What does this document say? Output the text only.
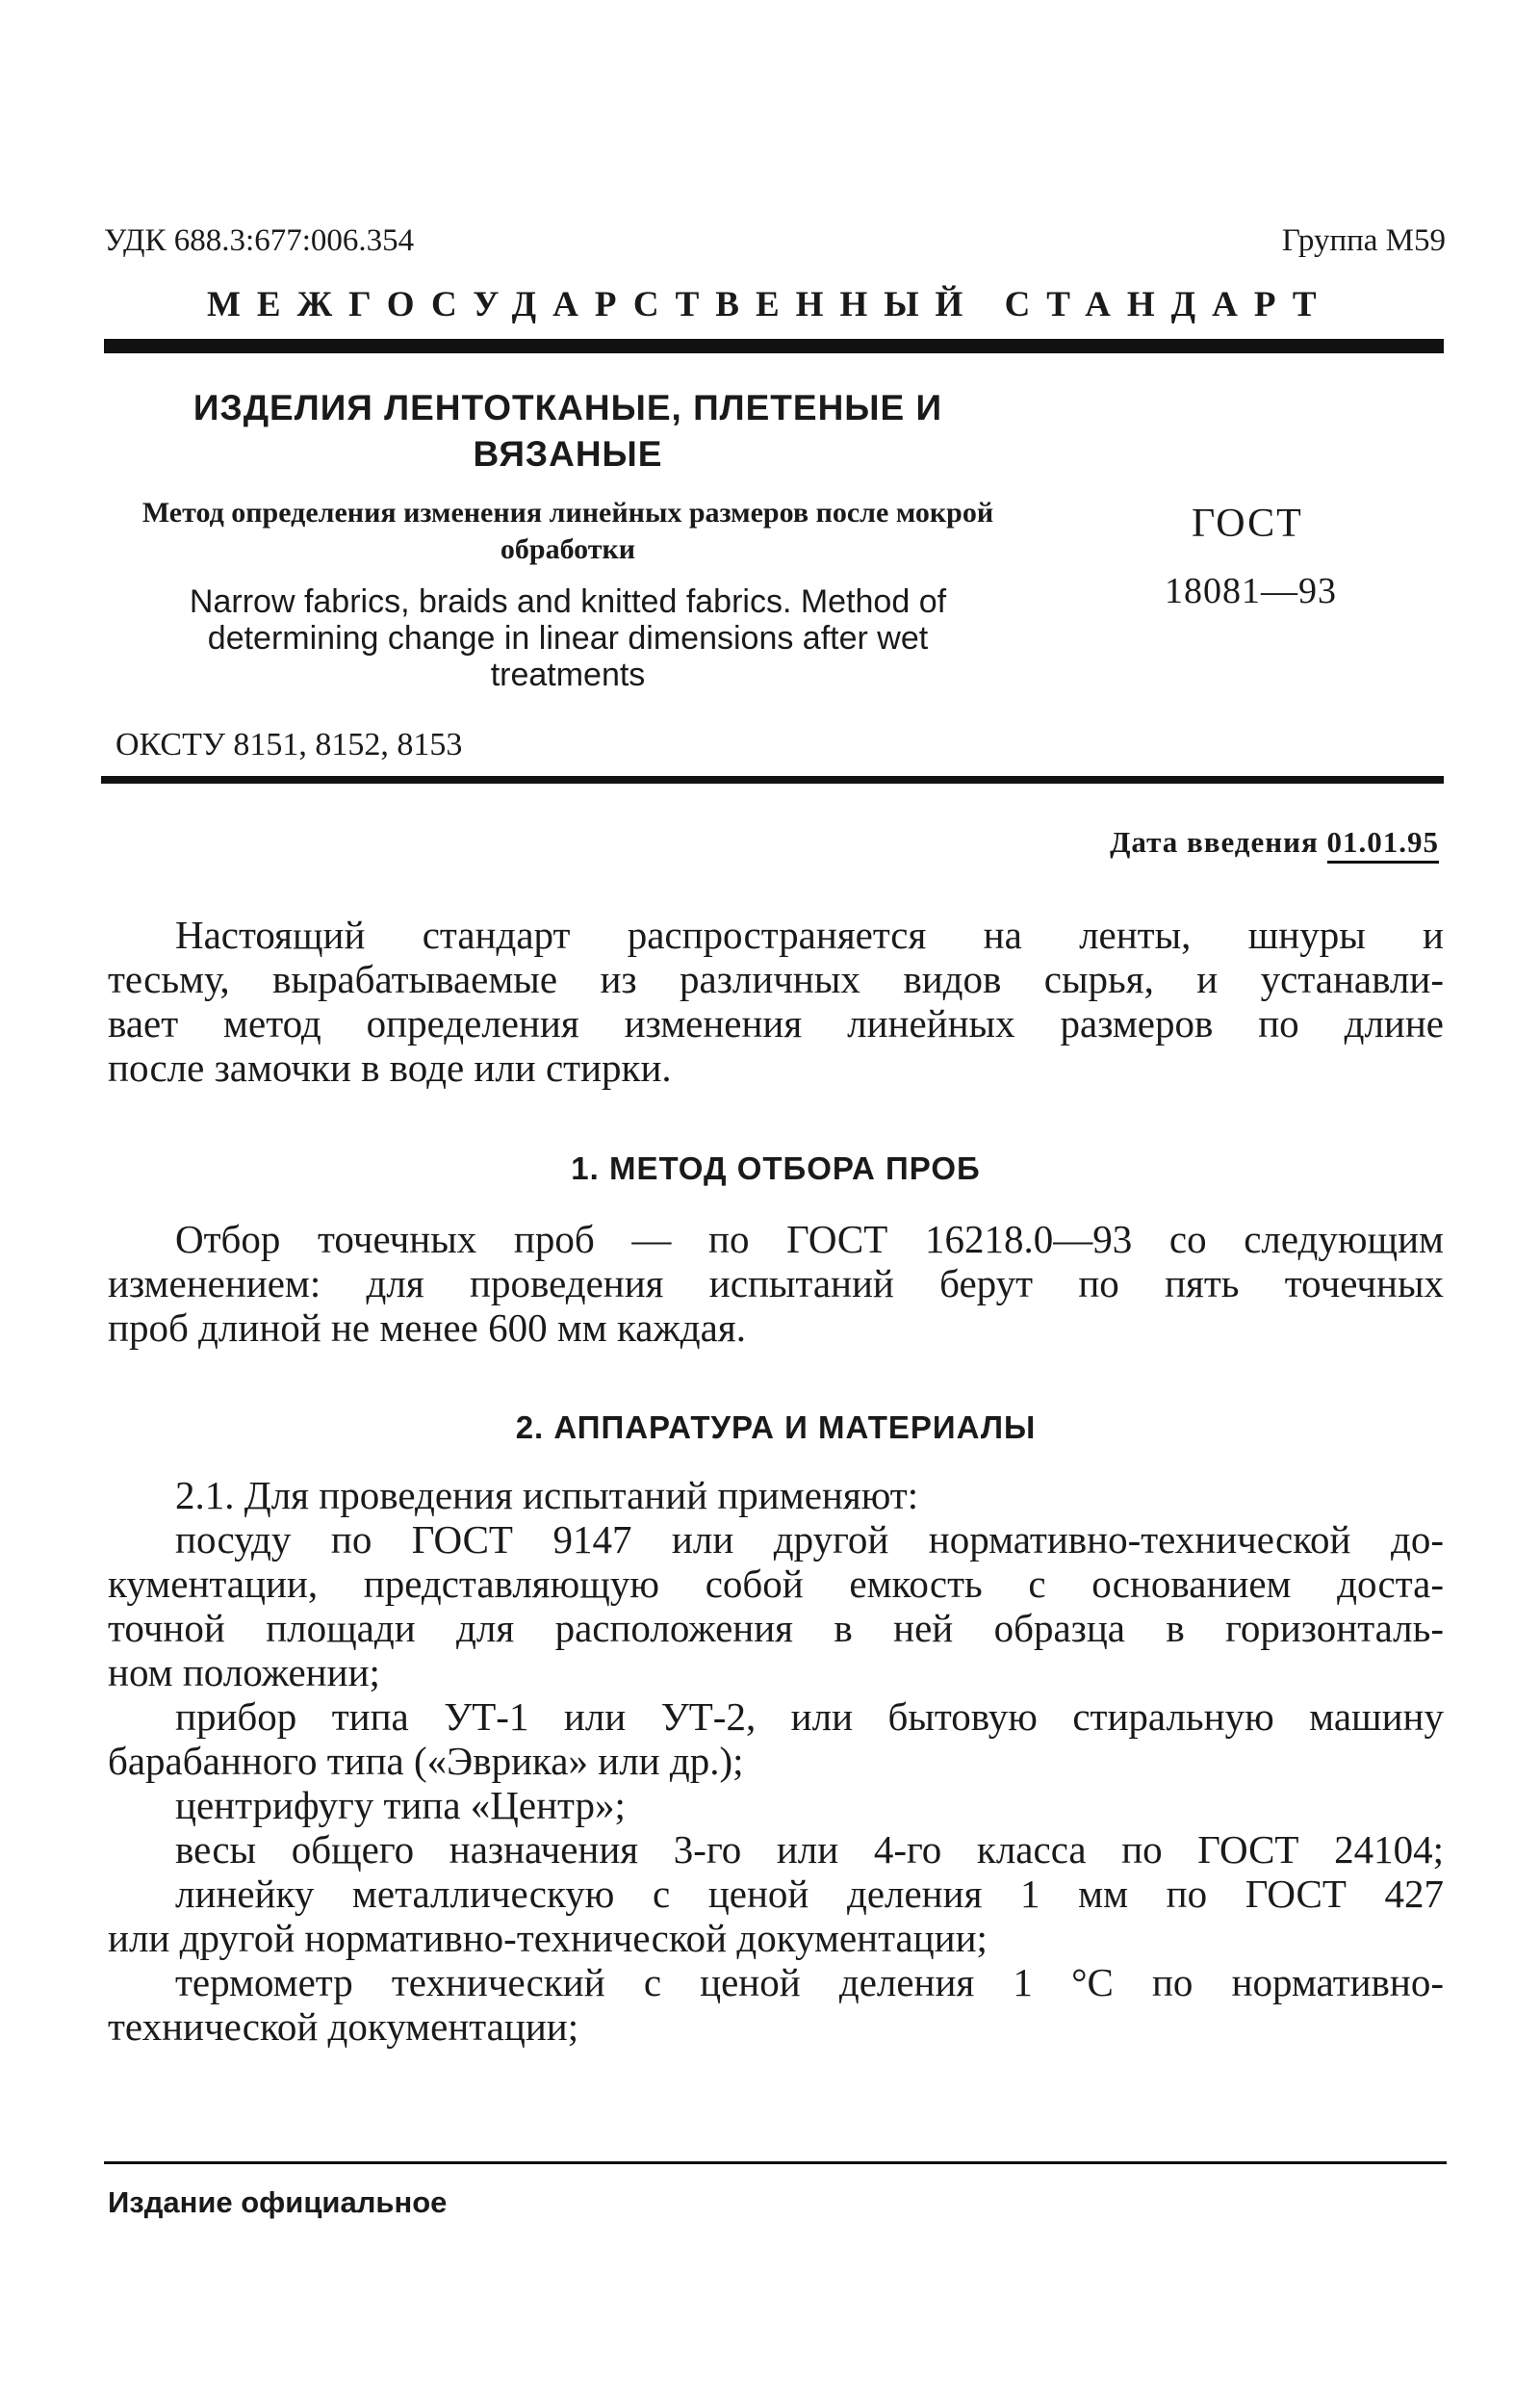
УДК 688.3:677:006.354	Группа М59
МЕЖГОСУДАРСТВЕННЫЙ СТАНДАРТ

ИЗДЕЛИЯ ЛЕНТОТКАНЫЕ, ПЛЕТЕНЫЕ И ВЯЗАНЫЕ

Метод определения изменения линейных размеров после мокрой обработки

Narrow fabrics, braids and knitted fabrics. Method of determining change in linear dimensions after wet treatments

ГОСТ
18081—93
ОКСТУ 8151, 8152, 8153
Дата введения 01.01.95
Настоящий стандарт распространяется на ленты, шнуры и
тесьму, вырабатываемые из различных видов сырья, и устанавли-
вает метод определения изменения линейных размеров по длине
после замочки в воде или стирки.
1. МЕТОД ОТБОРА ПРОБ
Отбор точечных проб — по ГОСТ 16218.0—93 со следующим
изменением: для проведения испытаний берут по пять точечных
проб длиной не менее 600 мм каждая.
2. АППАРАТУРА И МАТЕРИАЛЫ
2.1. Для проведения испытаний применяют:
посуду по ГОСТ 9147 или другой нормативно-технической до-
кументации, представляющую собой емкость с основанием доста-
точной площади для расположения в ней образца в горизонталь-
ном положении;
прибор типа УТ-1 или УТ-2, или бытовую стиральную машину
барабанного типа («Эврика» или др.);
центрифугу типа «Центр»;
весы общего назначения 3-го или 4-го класса по ГОСТ 24104;
линейку металлическую с ценой деления 1 мм по ГОСТ 427
или другой нормативно-технической документации;
термометр технический с ценой деления 1 °С по нормативно-
технической документации;
Издание официальное
